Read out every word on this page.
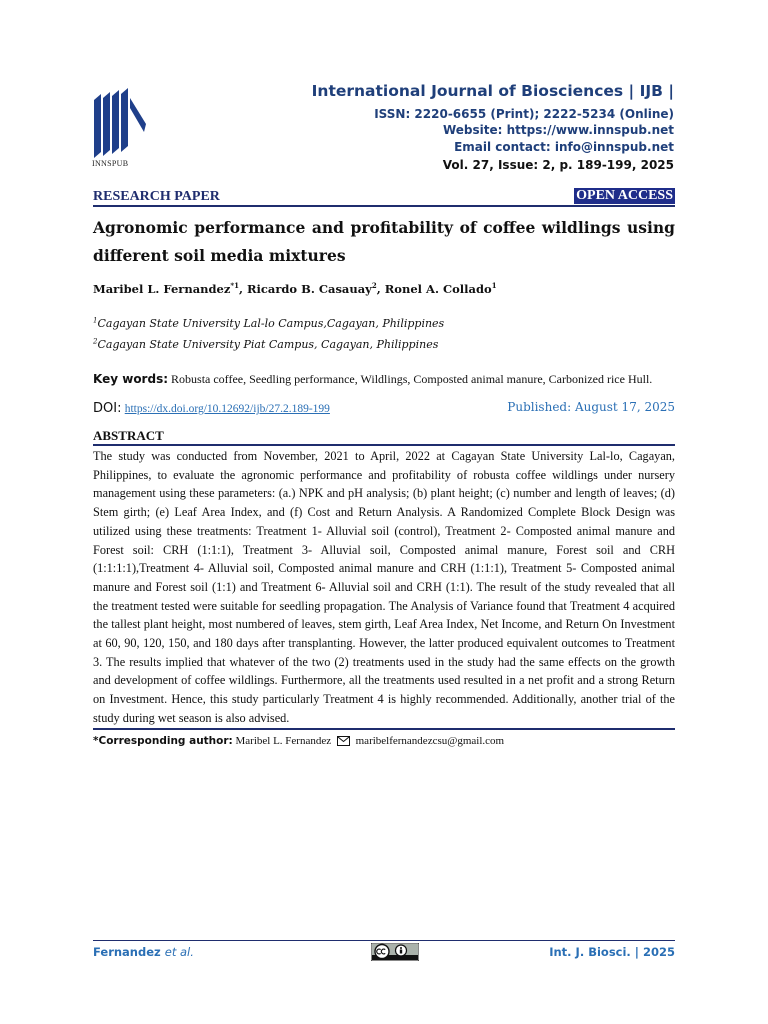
INNSPUB
International Journal of Biosciences | IJB |
ISSN: 2220-6655 (Print); 2222-5234 (Online)
Website: https://www.innspub.net
Email contact: info@innspub.net
Vol. 27, Issue: 2, p. 189-199, 2025
RESEARCH PAPER	OPEN ACCESS
Agronomic performance and profitability of coffee wildlings using different soil media mixtures
Maribel L. Fernandez$^{*1}$, Ricardo B. Casauay$^2$, Ronel A. Collado$^1$
$^1$Cagayan State University Lal-lo Campus,Cagayan, Philippines
$^2$Cagayan State University Piat Campus, Cagayan, Philippines
Key words: Robusta coffee, Seedling performance, Wildlings, Composted animal manure, Carbonized rice Hull.
DOI: https://dx.doi.org/10.12692/ijb/27.2.189-199	Published: August 17, 2025
ABSTRACT
The study was conducted from November, 2021 to April, 2022 at Cagayan State University Lal-lo, Cagayan, Philippines, to evaluate the agronomic performance and profitability of robusta coffee wildlings under nursery management using these parameters: (a.) NPK and pH analysis; (b) plant height; (c) number and length of leaves; (d) Stem girth; (e) Leaf Area Index, and (f) Cost and Return Analysis. A Randomized Complete Block Design was utilized using these treatments: Treatment 1- Alluvial soil (control), Treatment 2- Composted animal manure and Forest soil: CRH (1:1:1), Treatment 3- Alluvial soil, Composted animal manure, Forest soil and CRH (1:1:1:1),Treatment 4- Alluvial soil, Composted animal manure and CRH (1:1:1), Treatment 5- Composted animal manure and Forest soil (1:1) and Treatment 6- Alluvial soil and CRH (1:1). The result of the study revealed that all the treatment tested were suitable for seedling propagation. The Analysis of Variance found that Treatment 4 acquired the tallest plant height, most numbered of leaves, stem girth, Leaf Area Index, Net Income, and Return On Investment at 60, 90, 120, 150, and 180 days after transplanting. However, the latter produced equivalent outcomes to Treatment 3. The results implied that whatever of the two (2) treatments used in the study had the same effects on the growth and development of coffee wildlings. Furthermore, all the treatments used resulted in a net profit and a strong Return on Investment. Hence, this study particularly Treatment 4 is highly recommended. Additionally, another trial of the study during wet season is also advised.
*Corresponding author: Maribel L. Fernandez maribelfernandezcsu@gmail.com
Fernandez et al.	Int. J. Biosci. | 2025
